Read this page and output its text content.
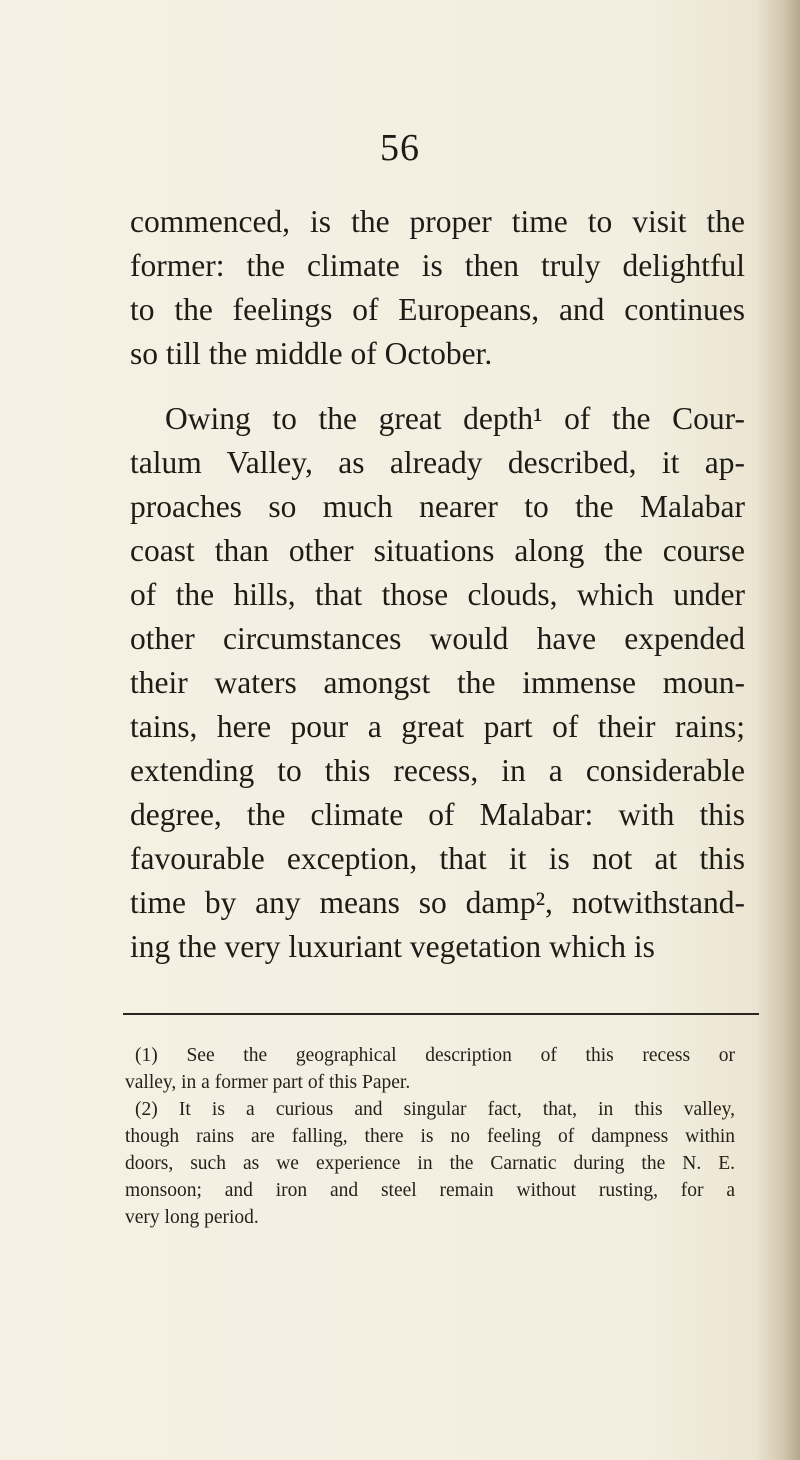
56
commenced, is the proper time to visit the
former: the climate is then truly delightful
to the feelings of Europeans, and continues
so till the middle of October.
Owing to the great depth¹ of the Cour-
talum Valley, as already described, it ap-
proaches so much nearer to the Malabar
coast than other situations along the course
of the hills, that those clouds, which under
other circumstances would have expended
their waters amongst the immense moun-
tains, here pour a great part of their rains;
extending to this recess, in a considerable
degree, the climate of Malabar: with this
favourable exception, that it is not at this
time by any means so damp², notwithstand-
ing the very luxuriant vegetation which is
(1) See the geographical description of this recess or
valley, in a former part of this Paper.
(2) It is a curious and singular fact, that, in this valley,
though rains are falling, there is no feeling of dampness within
doors, such as we experience in the Carnatic during the N. E.
monsoon; and iron and steel remain without rusting, for a
very long period.
